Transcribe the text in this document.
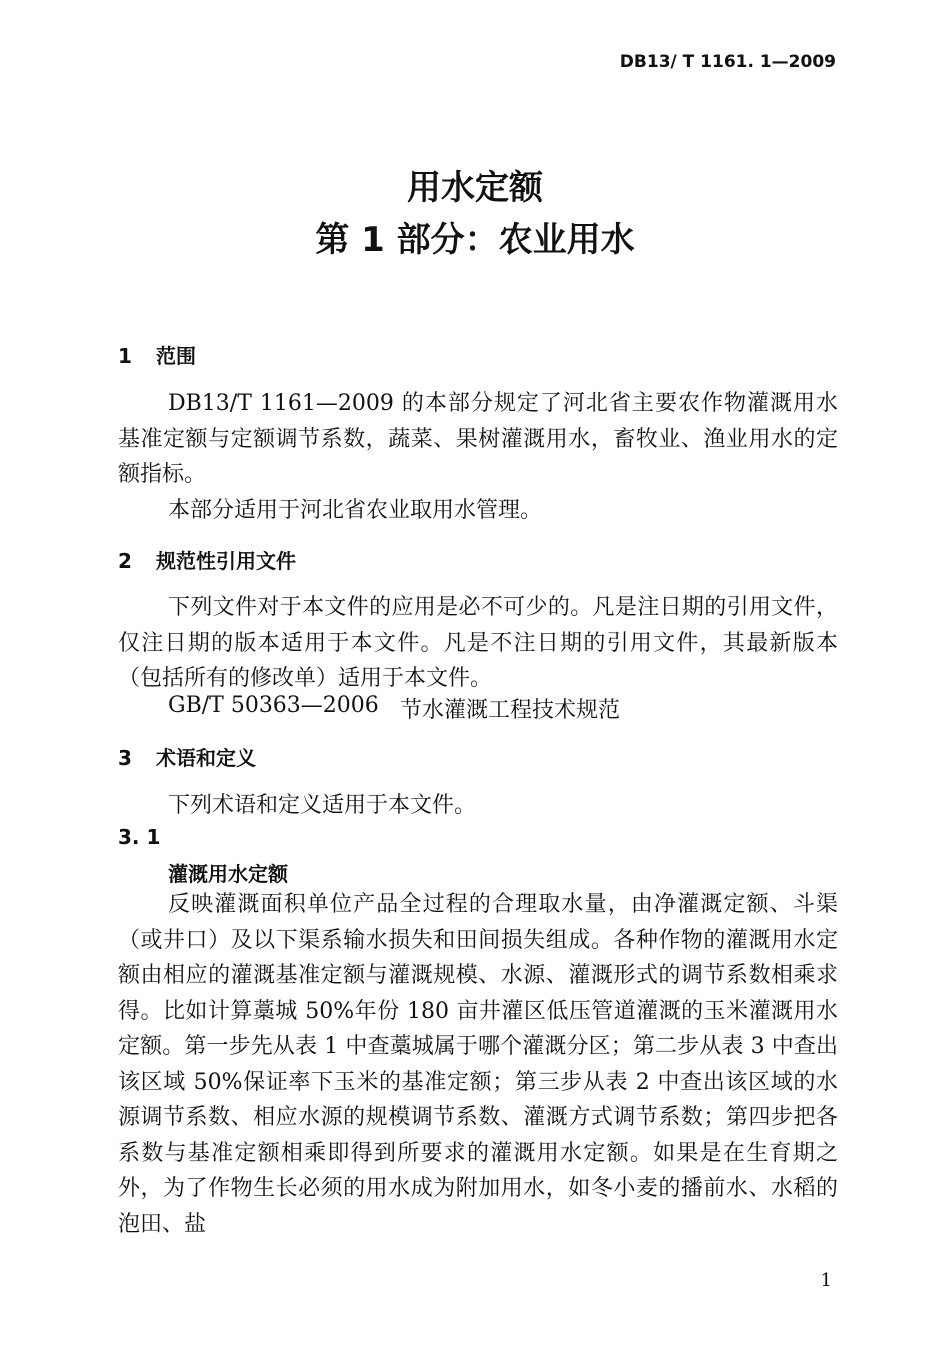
DB13/ T 1161. 1—2009
用水定额
第 1 部分：农业用水
1 范围
DB13/T 1161—2009 的本部分规定了河北省主要农作物灌溉用水基准定额与定额调节系数，蔬菜、果树灌溉用水，畜牧业、渔业用水的定额指标。
本部分适用于河北省农业取用水管理。
2 规范性引用文件
下列文件对于本文件的应用是必不可少的。凡是注日期的引用文件，仅注日期的版本适用于本文件。凡是不注日期的引用文件，其最新版本（包括所有的修改单）适用于本文件。
GB/T 50363—2006 节水灌溉工程技术规范
3 术语和定义
下列术语和定义适用于本文件。
3. 1
灌溉用水定额
反映灌溉面积单位产品全过程的合理取水量，由净灌溉定额、斗渠（或井口）及以下渠系输水损失和田间损失组成。各种作物的灌溉用水定额由相应的灌溉基准定额与灌溉规模、水源、灌溉形式的调节系数相乘求得。比如计算藁城 50%年份 180 亩井灌区低压管道灌溉的玉米灌溉用水定额。第一步先从表 1 中查藁城属于哪个灌溉分区；第二步从表 3 中查出该区域 50%保证率下玉米的基准定额；第三步从表 2 中查出该区域的水源调节系数、相应水源的规模调节系数、灌溉方式调节系数；第四步把各系数与基准定额相乘即得到所要求的灌溉用水定额。如果是在生育期之外，为了作物生长必须的用水成为附加用水，如冬小麦的播前水、水稻的泡田、盐
1
